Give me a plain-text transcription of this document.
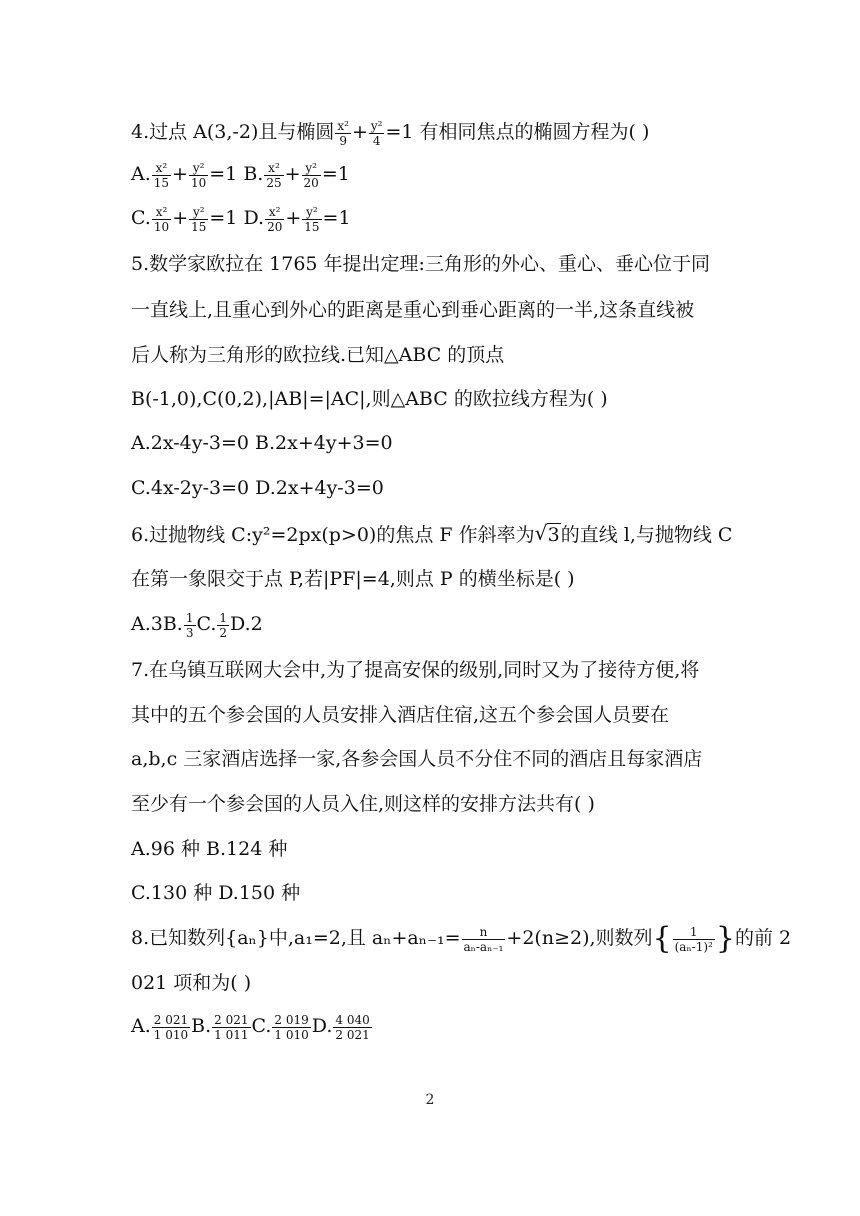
4.过点 A(3,-2)且与椭圆 $\frac{\text{x²}}{9} + \frac{\text{y²}}{4} =1$ 有相同焦点的椭圆方程为( )
A. $\frac{\text{x²}}{15} + \frac{\text{y²}}{10} =1$ B. $\frac{\text{x²}}{25} + \frac{\text{y²}}{20} =1$
C. $\frac{\text{x²}}{10} + \frac{\text{y²}}{15} =1$ D. $\frac{\text{x²}}{20} + \frac{\text{y²}}{15} =1$
5.数学家欧拉在 1765 年提出定理:三角形的外心、重心、垂心位于同
一直线上,且重心到外心的距离是重心到垂心距离的一半,这条直线被
后人称为三角形的欧拉线.已知△ABC 的顶点
B(-1,0),C(0,2),|AB|=|AC|,则△ABC 的欧拉线方程为( )
A.2x-4y-3=0 B.2x+4y+3=0
C.4x-2y-3=0 D.2x+4y-3=0
6.过抛物线 C:y²=2px(p>0)的焦点 F 作斜率为√ 3的直线 l,与抛物线 C
在第一象限交于点 P,若|PF|=4,则点 P 的横坐标是( )
A.3B. $\frac{1}{3} C$. $\frac{1}{2} D.2$
7.在乌镇互联网大会中,为了提高安保的级别,同时又为了接待方便,将
其中的五个参会国的人员安排入酒店住宿,这五个参会国人员要在
a,b,c 三家酒店选择一家,各参会国人员不分住不同的酒店且每家酒店
至少有一个参会国的人员入住,则这样的安排方法共有( )
A.96 种 B.124 种
C.130 种 D.150 种
8.已知数列{aₙ}中,a₁=2,且 $a_n+a_{n-1}= \frac{n}{\text{aₙ-aₙ₋₁}} +2(n\ge 2)$,则数列{ $\frac{1}{\text{(aₙ-1)²}}$ }的前 2
021 项和为( )
A. $\frac{2 021}{1 010} B$. $\frac{2 021}{1 011} C$. $\frac{2 019}{1 010} D$. $\frac{4 040}{2 021}$
2
